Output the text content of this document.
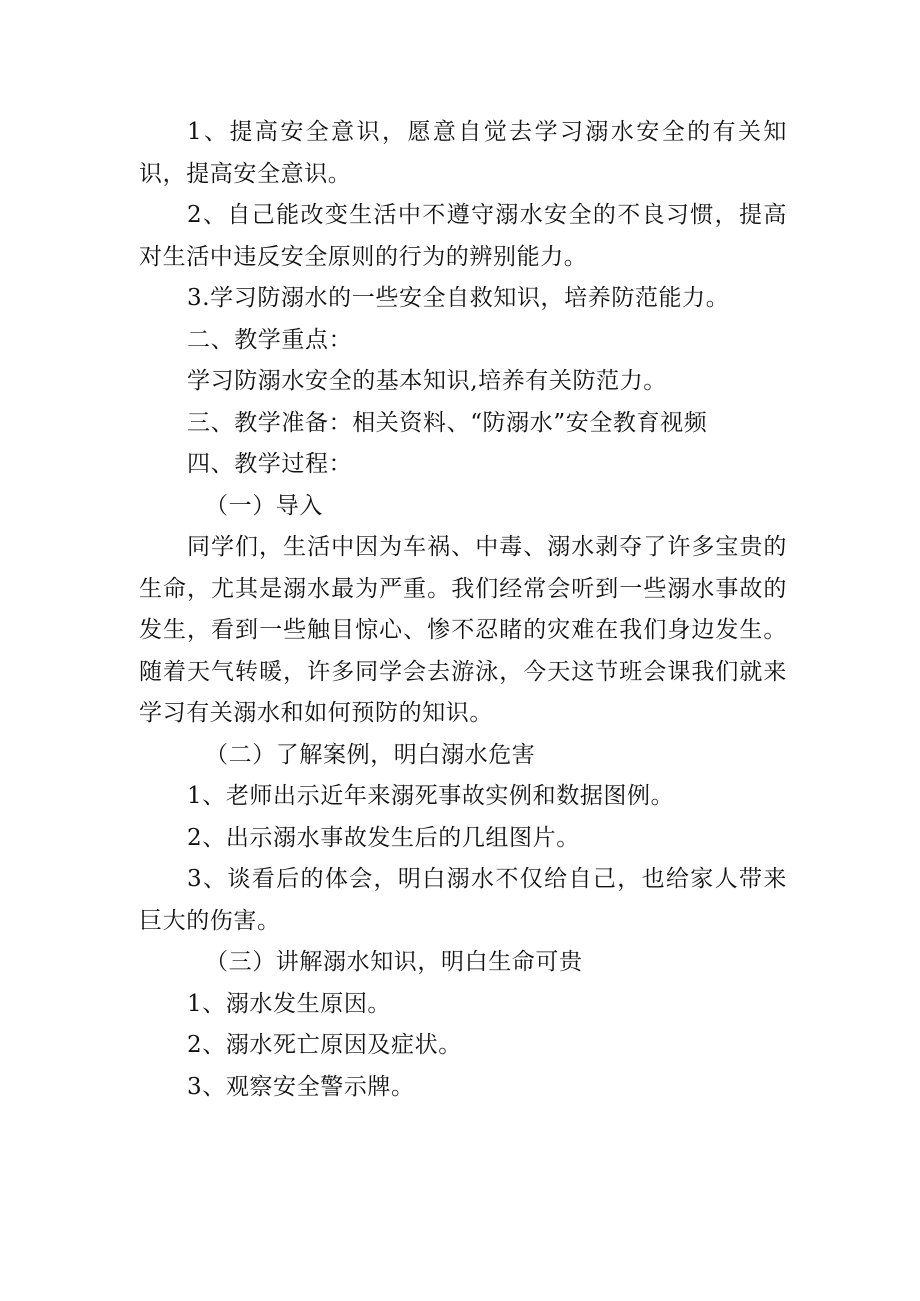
1、提高安全意识，愿意自觉去学习溺水安全的有关知识，提高安全意识。

2、自己能改变生活中不遵守溺水安全的不良习惯，提高对生活中违反安全原则的行为的辨别能力。

3.学习防溺水的一些安全自救知识，培养防范能力。

二、教学重点：

学习防溺水安全的基本知识,培养有关防范力。

三、教学准备：相关资料、“防溺水”安全教育视频

四、教学过程：

（一）导入

同学们，生活中因为车祸、中毒、溺水剥夺了许多宝贵的生命，尤其是溺水最为严重。我们经常会听到一些溺水事故的发生，看到一些触目惊心、惨不忍睹的灾难在我们身边发生。随着天气转暖，许多同学会去游泳，今天这节班会课我们就来学习有关溺水和如何预防的知识。

（二）了解案例，明白溺水危害

1、老师出示近年来溺死事故实例和数据图例。

2、出示溺水事故发生后的几组图片。

3、谈看后的体会，明白溺水不仅给自己，也给家人带来巨大的伤害。

（三）讲解溺水知识，明白生命可贵

1、溺水发生原因。

2、溺水死亡原因及症状。

3、观察安全警示牌。
